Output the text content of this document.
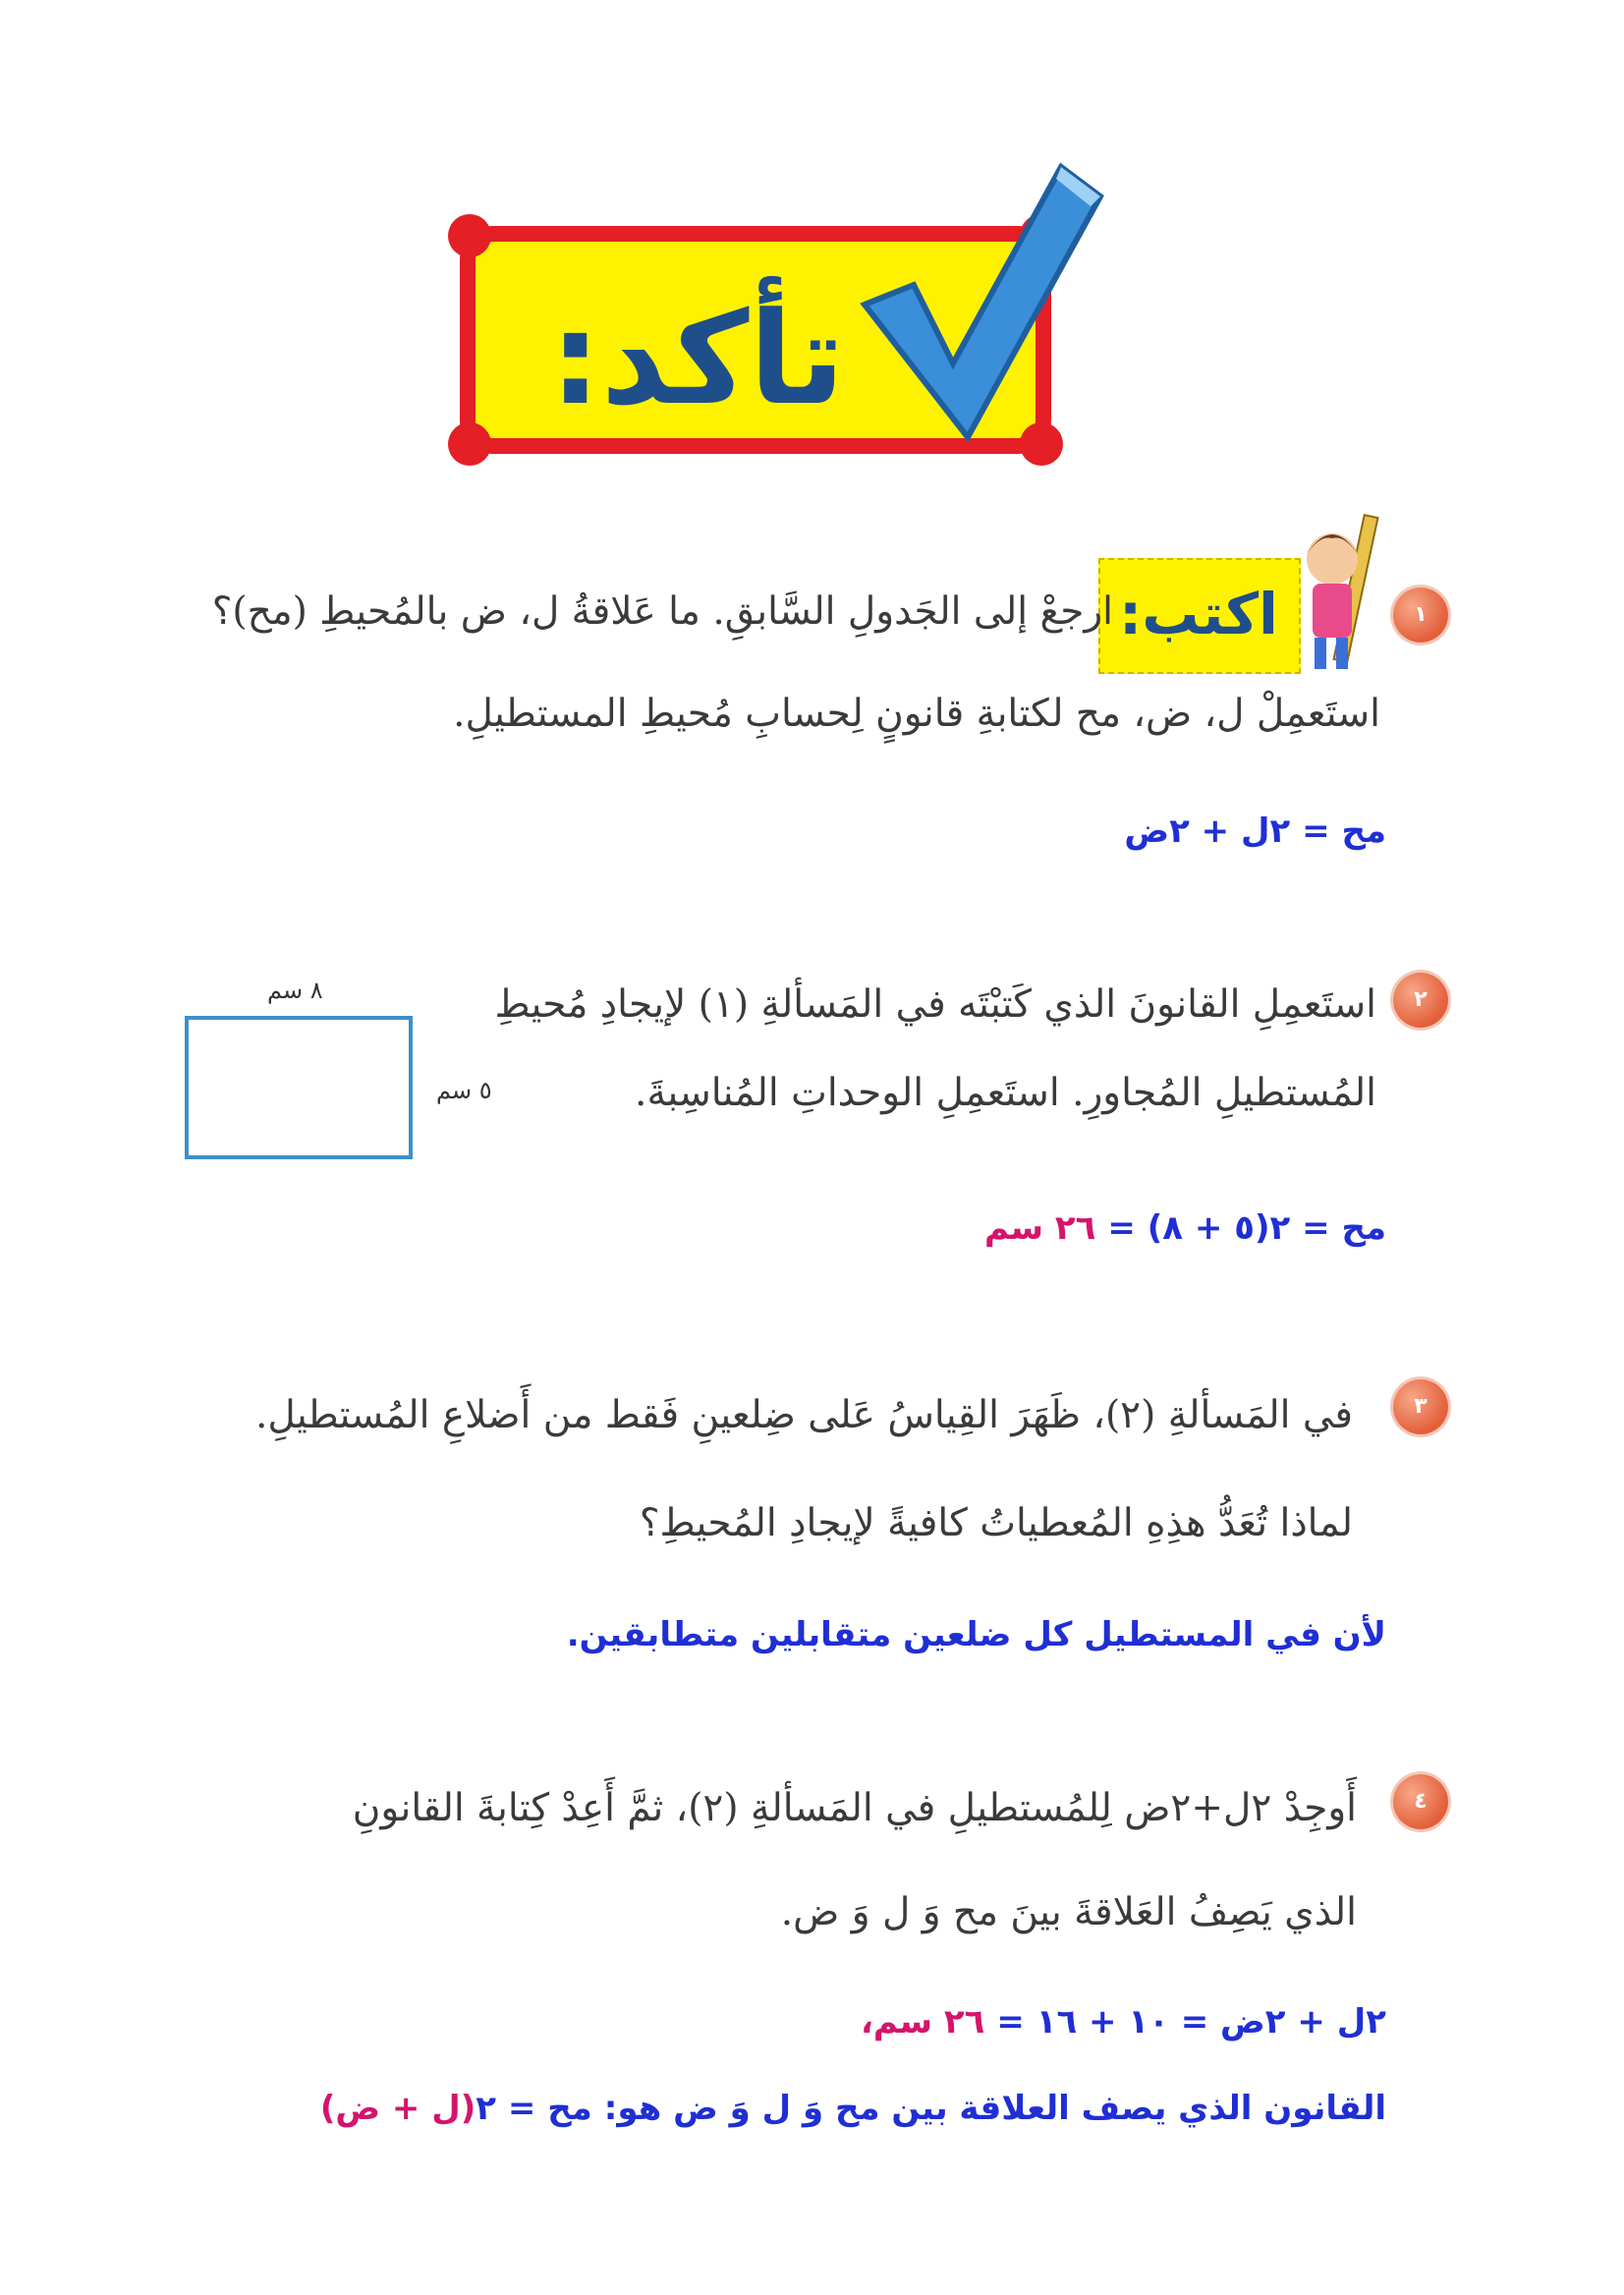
تأكد:
١
اكتب:
ارجعْ إلى الجَدولِ السَّابقِ. ما عَلاقةُ ل، ض بالمُحيطِ (مح)؟
استَعمِلْ ل، ض، مح لكتابةِ قانونٍ لِحسابِ مُحيطِ المستطيلِ.
مح = ٢ل + ٢ض
٢
استَعمِلِ القانونَ الذي كَتبْتَه في المَسألةِ (١) لإيجادِ مُحيطِ
المُستطيلِ المُجاورِ. استَعمِلِ الوحداتِ المُناسِبةَ.
٨ سم
٥ سم
مح = ٢(٥ + ٨) =
٢٦ سم
٣
في المَسألةِ (٢)، ظَهَرَ القِياسُ عَلى ضِلعينِ فَقط من أَضلاعِ المُستطيلِ.
لماذا تُعَدُّ هذِهِ المُعطياتُ كافيةً لإيجادِ المُحيطِ؟
لأن في المستطيل كل ضلعين متقابلين متطابقين.
٤
أَوجِدْ ٢ل+٢ض لِلمُستطيلِ في المَسألةِ (٢)، ثمَّ أَعِدْ كِتابةَ القانونِ
الذي يَصِفُ العَلاقةَ بينَ مح وَ ل وَ ض.
٢ل + ٢ض = ١٠ + ١٦ =
٢٦ سم،
القانون الذي يصف العلاقة بين مح وَ ل وَ ض هو:
مح = ٢(ل + ض)
